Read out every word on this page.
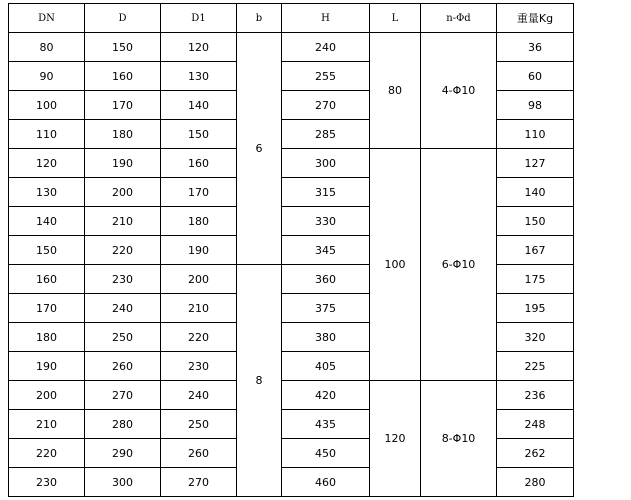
DN	D	D1	b	H	L	n-Φd	重量Kg
80	150	120	6	240	80	4-Φ10	36
90	160	130		255			60
100	170	140		270			98
110	180	150		285			110
120	190	160		300	100	6-Φ10	127
130	200	170		315			140
140	210	180		330			150
150	220	190		345			167
160	230	200	8	360			175
170	240	210		375			195
180	250	220		380			320
190	260	230		405			225
200	270	240		420	120	8-Φ10	236
210	280	250		435			248
220	290	260		450			262
230	300	270		460			280
